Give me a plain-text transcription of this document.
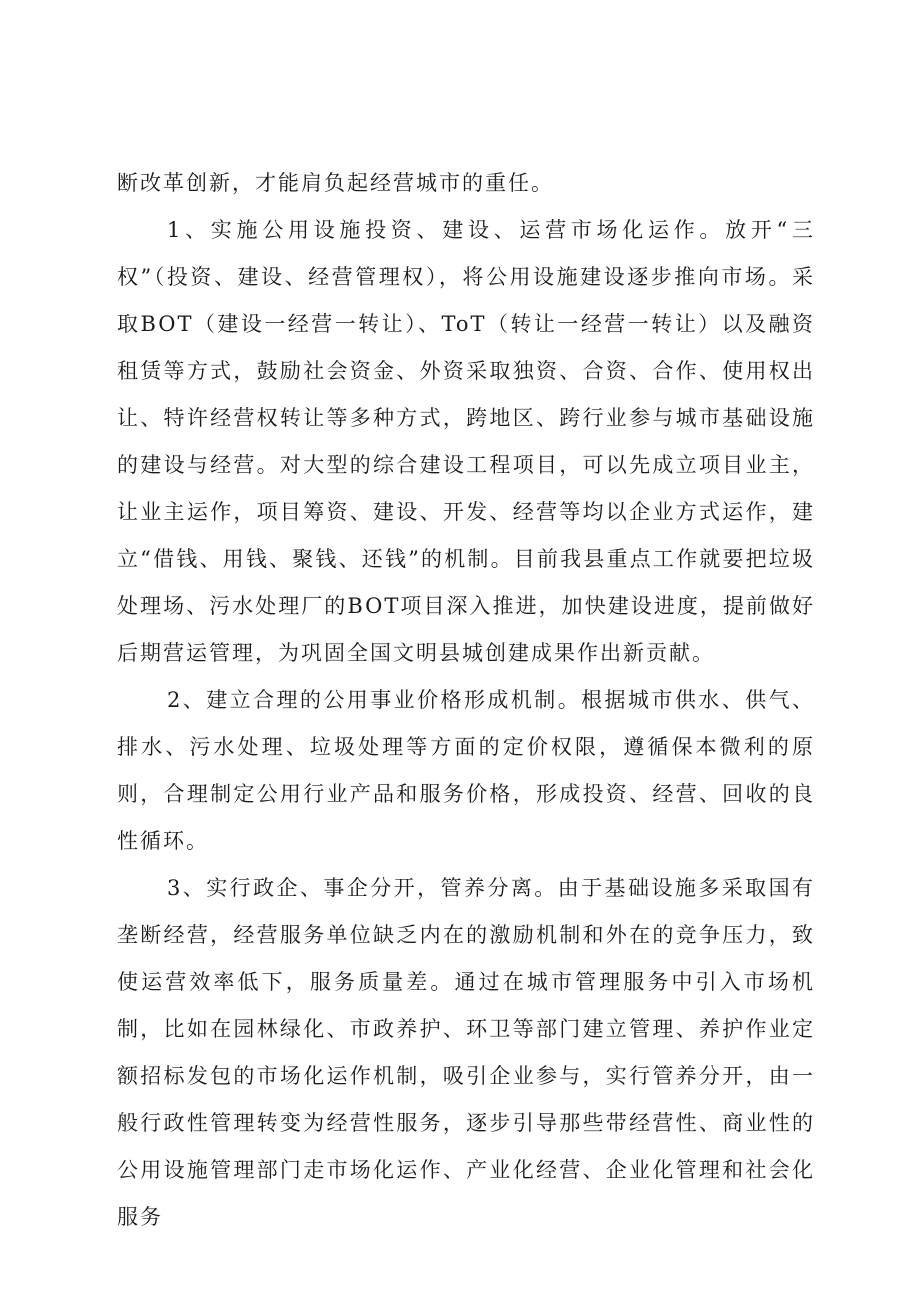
断改革创新，才能肩负起经营城市的重任。

1、实施公用设施投资、建设、运营市场化运作。放开“三权”（投资、建设、经营管理权），将公用设施建设逐步推向市场。采取BOT（建设一经营一转让）、ToT（转让一经营一转让）以及融资租赁等方式，鼓励社会资金、外资采取独资、合资、合作、使用权出让、特许经营权转让等多种方式，跨地区、跨行业参与城市基础设施的建设与经营。对大型的综合建设工程项目，可以先成立项目业主，让业主运作，项目筹资、建设、开发、经营等均以企业方式运作，建立“借钱、用钱、聚钱、还钱”的机制。目前我县重点工作就要把垃圾处理场、污水处理厂的BOT项目深入推进，加快建设进度，提前做好后期营运管理，为巩固全国文明县城创建成果作出新贡献。

2、建立合理的公用事业价格形成机制。根据城市供水、供气、排水、污水处理、垃圾处理等方面的定价权限，遵循保本微利的原则，合理制定公用行业产品和服务价格，形成投资、经营、回收的良性循环。

3、实行政企、事企分开，管养分离。由于基础设施多采取国有垄断经营，经营服务单位缺乏内在的激励机制和外在的竞争压力，致使运营效率低下，服务质量差。通过在城市管理服务中引入市场机制，比如在园林绿化、市政养护、环卫等部门建立管理、养护作业定额招标发包的市场化运作机制，吸引企业参与，实行管养分开，由一般行政性管理转变为经营性服务，逐步引导那些带经营性、商业性的公用设施管理部门走市场化运作、产业化经营、企业化管理和社会化服务
